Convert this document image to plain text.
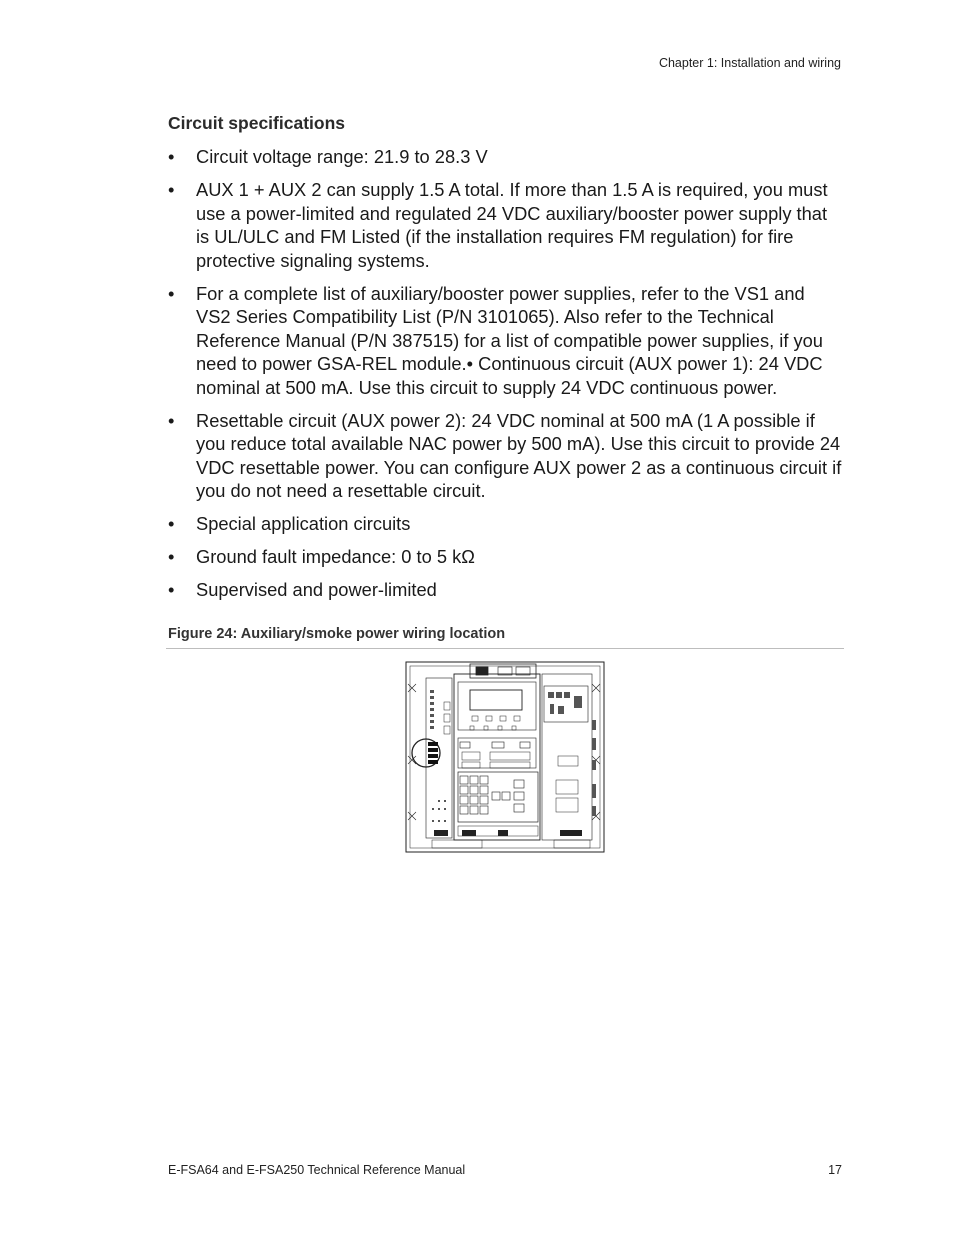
Chapter 1: Installation and wiring
Circuit specifications
• Circuit voltage range: 21.9 to 28.3 V
• AUX 1 + AUX 2 can supply 1.5 A total. If more than 1.5 A is required, you must use a power-limited and regulated 24 VDC auxiliary/booster power supply that is UL/ULC and FM Listed (if the installation requires FM regulation) for fire protective signaling systems.
• For a complete list of auxiliary/booster power supplies, refer to the VS1 and VS2 Series Compatibility List (P/N 3101065). Also refer to the Technical Reference Manual (P/N 387515) for a list of compatible power supplies, if you need to power GSA-REL module.• Continuous circuit (AUX power 1): 24 VDC nominal at 500 mA. Use this circuit to supply 24 VDC continuous power.
• Resettable circuit (AUX power 2): 24 VDC nominal at 500 mA (1 A possible if you reduce total available NAC power by 500 mA). Use this circuit to provide 24 VDC resettable power. You can configure AUX power 2 as a continuous circuit if you do not need a resettable circuit.
• Special application circuits
• Ground fault impedance: 0 to 5 kΩ
• Supervised and power-limited
Figure 24: Auxiliary/smoke power wiring location
E-FSA64 and E-FSA250 Technical Reference Manual	17
